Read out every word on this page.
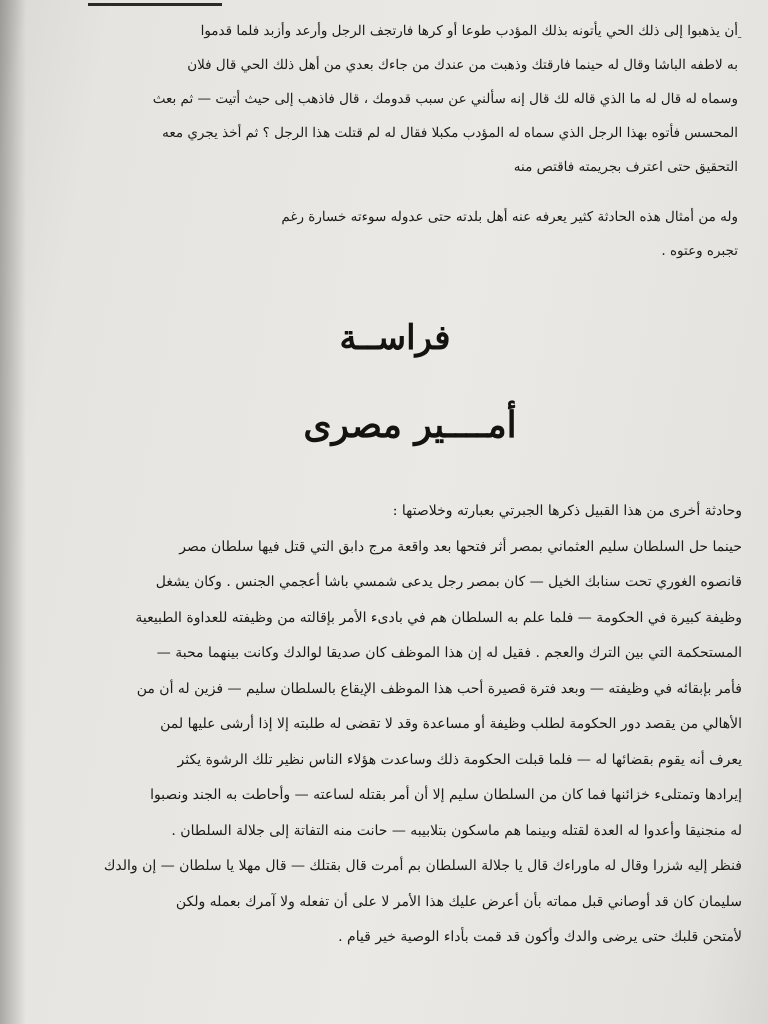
ـ
أن يذهبوا إلى ذلك الحي يأتونه بذلك المؤدب طوعا أو كرها فارتجف الرجل وأرعد وأزبد فلما قدموا
به لاطفه الباشا وقال له حينما فارقتك وذهبت من عندك من جاءك بعدي من أهل ذلك الحي قال فلان
وسماه له قال له ما الذي قاله لك قال إنه سألني عن سبب قدومك ، قال فاذهب إلى حيث أتيت — ثم بعث
المحسس فأتوه بهذا الرجل الذي سماه له المؤدب مكبلا فقال له لم قتلت هذا الرجل ؟ ثم أخذ يجري معه
التحقيق حتى اعترف بجريمته فاقتص منه
وله من أمثال هذه الحادثة كثير يعرفه عنه أهل بلدته حتى عدوله سوءته خسارة رغم
تجبره وعتوه .
فراســة
أمــــير مصرى
وحادثة أخرى من هذا القبيل ذكرها الجبرتي بعبارته وخلاصتها :
حينما حل السلطان سليم العثماني بمصر أثر فتحها بعد واقعة مرج دابق التي قتل فيها سلطان مصر
قانصوه الغوري تحت سنابك الخيل — كان بمصر رجل يدعى شمسي باشا أعجمي الجنس . وكان يشغل
وظيفة كبيرة في الحكومة — فلما علم به السلطان هم في بادىء الأمر بإقالته من وظيفته للعداوة الطبيعية
المستحكمة التي بين الترك والعجم . فقيل له إن هذا الموظف كان صديقا لوالدك وكانت بينهما محبة —
فأمر بإبقائه في وظيفته — وبعد فترة قصيرة أحب هذا الموظف الإيقاع بالسلطان سليم — فزين له أن من
الأهالي من يقصد دور الحكومة لطلب وظيفة أو مساعدة وقد لا تقضى له طلبته إلا إذا أرشى عليها لمن
يعرف أنه يقوم بقضائها له — فلما قبلت الحكومة ذلك وساعدت هؤلاء الناس نظير تلك الرشوة يكثر
إيرادها وتمتلىء خزائنها فما كان من السلطان سليم إلا أن أمر بقتله لساعته — وأحاطت به الجند ونصبوا
له منجنيقا وأعدوا له العدة لقتله وبينما هم ماسكون بتلابيبه — حانت منه التفاتة إلى جلالة السلطان .
فنظر إليه شزرا وقال له ماوراءك قال يا جلالة السلطان بم أمرت قال بقتلك — قال مهلا يا سلطان — إن والدك
سليمان كان قد أوصاني قبل مماته بأن أعرض عليك هذا الأمر لا على أن تفعله ولا آمرك بعمله ولكن
لأمتحن قلبك حتى يرضى والدك وأكون قد قمت بأداء الوصية خير قيام .
